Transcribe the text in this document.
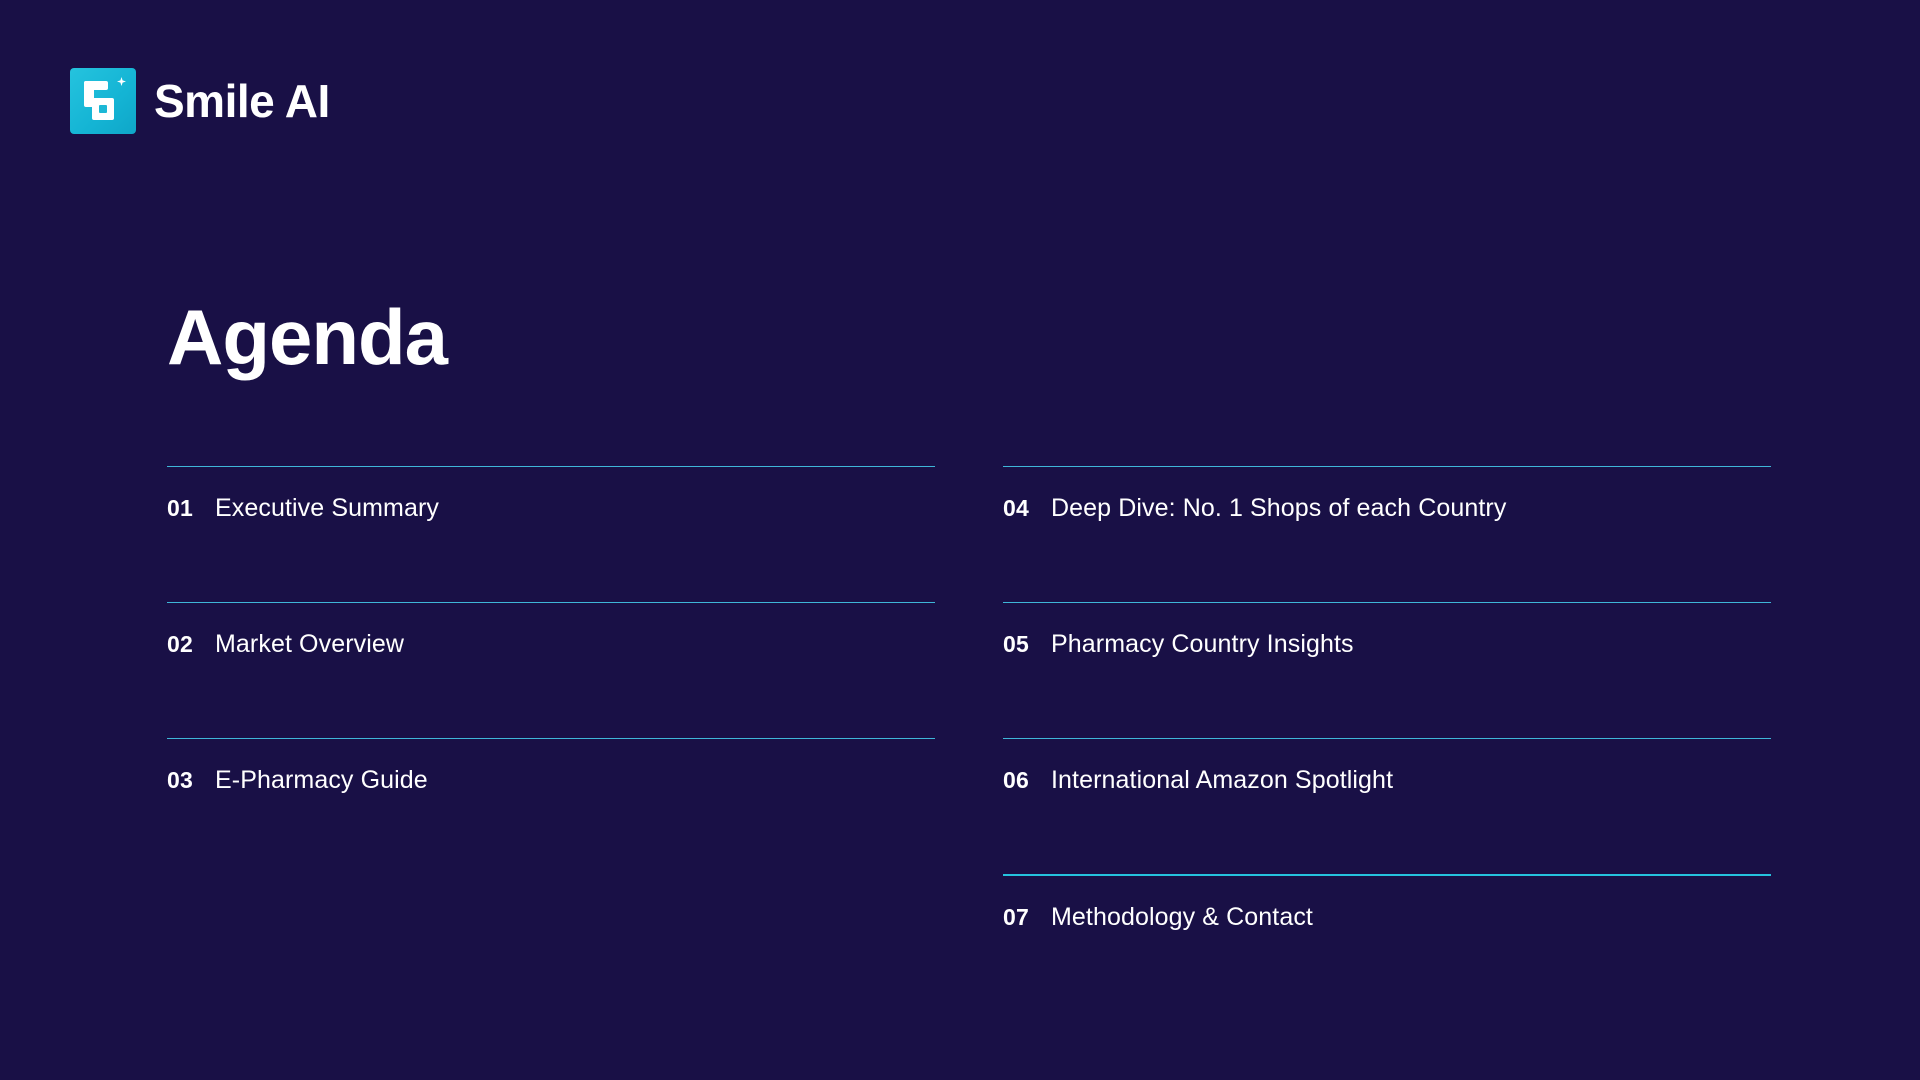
Smile AI
Agenda
01 Executive Summary
02 Market Overview
03 E-Pharmacy Guide
04 Deep Dive: No. 1 Shops of each Country
05 Pharmacy Country Insights
06 International Amazon Spotlight
07 Methodology & Contact
